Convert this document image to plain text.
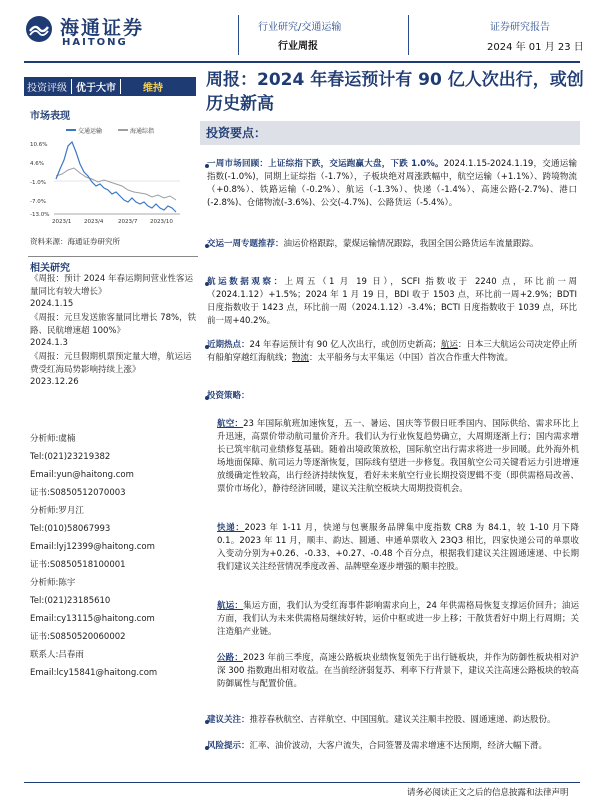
海通证券
HAITONG
行业研究/交通运输
行业周报
证券研究报告
2024 年 01 月 23 日
投资评级 优于大市	维持
市场表现
交通运输	海通综指
10.6%
4.6%
-1.0%
-7.0%
-13.0%
2023/1 2023/4	2023/7 2023/10
资料来源：海通证券研究所
相关研究
《周报：预计 2024 年春运期间营业性客运量同比有较大增长》
2024.1.15
《周报：元旦发送旅客量同比增长 78%，铁路、民航增速超 100%》
2024.1.3
《周报：元旦假期机票预定量大增，航运运费受红海局势影响持续上涨》
2023.12.26
分析师:虞楠
Tel:(021)23219382
Email:yun@haitong.com
证书:S0850512070003
分析师:罗月江
Tel:(010)58067993
Email:lyj12399@haitong.com
证书:S0850518100001
分析师:陈宇
Tel:(021)23185610
Email:cy13115@haitong.com
证书:S0850520060002
联系人:吕春雨
Email:lcy15841@haitong.com
周报：2024 年春运预计有 90 亿人次出行，或创历史新高
投资要点：
一周市场回顾：上证综指下跌，交运跑赢大盘，下跌 1.0%。2024.1.15-2024.1.19，交通运输指数(-1.0%)，同期上证综指（-1.7%），子板块绝对周涨跌幅中，航空运输（+1.1%）、跨境物流（+0.8%）、铁路运输（-0.2%）、航运（-1.3%）、快递（-1.4%）、高速公路(-2.7%)、港口(-2.8%)、仓储物流(-3.6%)、公交(-4.7%)、公路货运（-5.4%）。
交运一周专题推荐：油运价格跟踪，蒙煤运输情况跟踪，我国全国公路货运车流量跟踪。
航运数据观察：上周五（1 月 19 日），SCFI 指数收于 2240 点，环比前一周（2024.1.12）+1.5%；2024 年 1 月 19 日，BDI 收于 1503 点，环比前一周+2.9%；BDTI 日度指数收于 1423 点，环比前一周（2024.1.12）-3.4%；BCTI 日度指数收于 1039 点，环比前一周+40.2%。
近期热点：24 年春运预计有 90 亿人次出行，或创历史新高；航运：日本三大航运公司决定停止所有船舶穿越红海航线；物流：太平船务与太平集运（中国）首次合作重大件物流。
投资策略：
航空：23 年国际航班加速恢复，五一、暑运、国庆等节假日旺季国内、国际供给、需求环比上升迅速，高票价带动航司量价齐升。我们认为行业恢复趋势确立，大周期逐渐上行；国内需求增长已筑牢航司业绩修复基础。随着出境政策放松，国际航空出行需求将进一步回暖。此外海外机场地面保障、航司运力等逐渐恢复，国际线有望进一步修复。我国航空公司关键看运力引进增速放缓确定性较高，出行经济持续恢复，看好未来航空行业长期投资逻辑不变（即供需格局改善、票价市场化），静待经济回暖，建议关注航空板块大周期投资机会。
快递：2023 年 1-11 月，快递与包裹服务品牌集中度指数 CR8 为 84.1，较 1-10 月下降 0.1。2023 年 11 月，顺丰、韵达、圆通、申通单票收入 23Q3 相比，四家快递公司的单票收入变动分别为+0.26、-0.33、+0.27、-0.48 个百分点，根据我们建议关注圆通速递、中长期我们建议关注经营情况季度改善、品牌壁垒逐步增强的顺丰控股。
航运：集运方面，我们认为受红海事件影响需求向上，24 年供需格局恢复支撑运价回升；油运方面，我们认为未来供需格局继续好转，运价中枢或进一步上移；干散货看好中期上行周期；关注造船产业链。
公路：2023 年前三季度，高速公路板块业绩恢复领先于出行链板块，并作为防御性板块相对沪深 300 指数跑出相对收益。在当前经济弱复苏、利率下行背景下，建议关注高速公路板块的较高防御属性与配置价值。
建议关注：推荐春秋航空、吉祥航空、中国国航。建议关注顺丰控股、圆通速递、韵达股份。
风险提示：汇率、油价波动，大客户流失，合同签署及需求增速不达预期，经济大幅下滑。
请务必阅读正文之后的信息披露和法律声明
